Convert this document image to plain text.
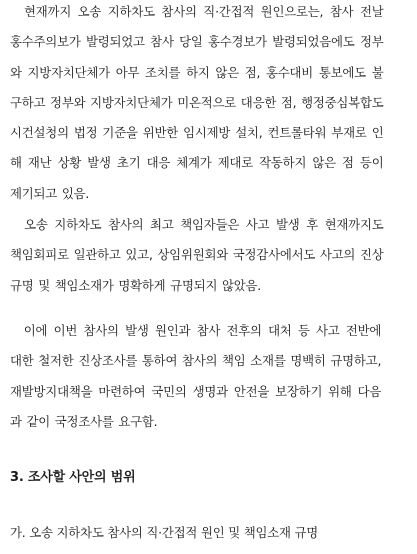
　현재까지 오송 지하차도 참사의 직·간접적 원인으로는, 참사 전날
홍수주의보가 발령되었고 참사 당일 홍수경보가 발령되었음에도 정부
와 지방자치단체가 아무 조치를 하지 않은 점, 홍수대비 통보에도 불
구하고 정부와 지방자치단체가 미온적으로 대응한 점, 행정중심복합도
시건설청의 법정 기준을 위반한 임시제방 설치, 컨트롤타워 부재로 인
해 재난 상황 발생 초기 대응 체계가 제대로 작동하지 않은 점 등이
제기되고 있음.
　오송 지하차도 참사의 최고 책임자들은 사고 발생 후 현재까지도
책임회피로 일관하고 있고, 상임위원회와 국정감사에서도 사고의 진상
규명 및 책임소재가 명확하게 규명되지 않았음.
　이에 이번 참사의 발생 원인과 참사 전후의 대처 등 사고 전반에
대한 철저한 진상조사를 통하여 참사의 책임 소재를 명백히 규명하고,
재발방지대책을 마련하여 국민의 생명과 안전을 보장하기 위해 다음
과 같이 국정조사를 요구함.

3. 조사할 사안의 범위

가. 오송 지하차도 참사의 직·간접적 원인 및 책임소재 규명
